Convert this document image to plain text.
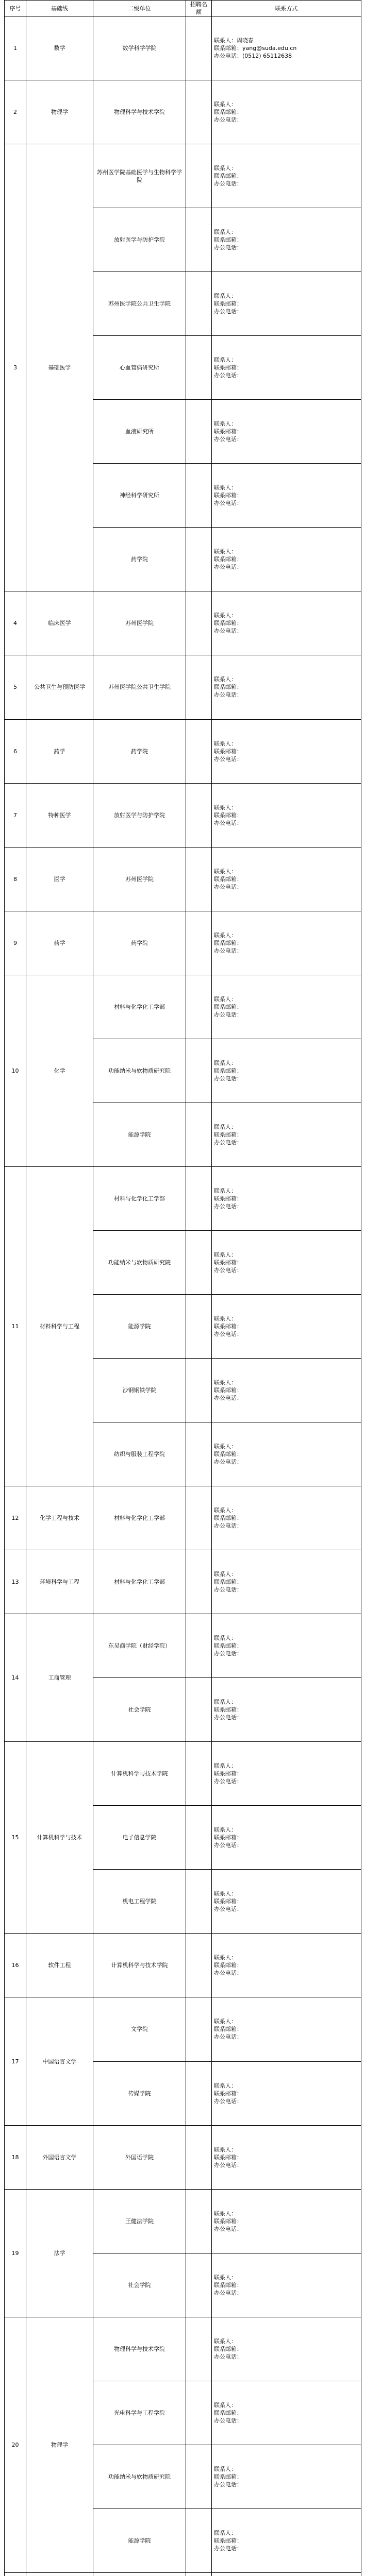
序号	基础线	二级单位	招聘名额	联系方式
1	数学	数学科学学院		联系人：周晓春
联系邮箱：yang@suda.edu.cn
办公电话：(0512) 65112638

2	物理学	物理科学与技术学院		联系人：
联系邮箱：
办公电话：

3	基础医学	苏州医学院基础医学与生物科学学院		联系人：
联系邮箱：
办公电话：

		放射医学与防护学院		联系人：
联系邮箱：
办公电话：

		苏州医学院公共卫生学院		联系人：
联系邮箱：
办公电话：

		心血管病研究所		联系人：
联系邮箱：
办公电话：

		血液研究所		联系人：
联系邮箱：
办公电话：

		神经科学研究所		联系人：
联系邮箱：
办公电话：

		药学院		联系人：
联系邮箱：
办公电话：

4	临床医学	苏州医学院		联系人：
联系邮箱：
办公电话：

5	公共卫生与预防医学	苏州医学院公共卫生学院		联系人：
联系邮箱：
办公电话：

6	药学	药学院		联系人：
联系邮箱：
办公电话：

7	特种医学	放射医学与防护学院		联系人：
联系邮箱：
办公电话：

8	医学	苏州医学院		联系人：
联系邮箱：
办公电话：

9	药学	药学院		联系人：
联系邮箱：
办公电话：

10	化学	材料与化学化工学部		联系人：
联系邮箱：
办公电话：

		功能纳米与软物质研究院		联系人：
联系邮箱：
办公电话：

		能源学院		联系人：
联系邮箱：
办公电话：

11	材料科学与工程	材料与化学化工学部		联系人：
联系邮箱：
办公电话：

		功能纳米与软物质研究院		联系人：
联系邮箱：
办公电话：

		能源学院		联系人：
联系邮箱：
办公电话：

		沙钢钢铁学院		联系人：
联系邮箱：
办公电话：

		纺织与服装工程学院		联系人：
联系邮箱：
办公电话：

12	化学工程与技术	材料与化学化工学部		联系人：
联系邮箱：
办公电话：

13	环境科学与工程	材料与化学化工学部		联系人：
联系邮箱：
办公电话：

14	工商管理	东吴商学院（财经学院）		联系人：
联系邮箱：
办公电话：

		社会学院		联系人：
联系邮箱：
办公电话：

15	计算机科学与技术	计算机科学与技术学院		联系人：
联系邮箱：
办公电话：

		电子信息学院		联系人：
联系邮箱：
办公电话：

		机电工程学院		联系人：
联系邮箱：
办公电话：

16	软件工程	计算机科学与技术学院		联系人：
联系邮箱：
办公电话：

17	中国语言文学	文学院		联系人：
联系邮箱：
办公电话：

		传媒学院		联系人：
联系邮箱：
办公电话：

18	外国语言文学	外国语学院		联系人：
联系邮箱：
办公电话：

19	法学	王健法学院		联系人：
联系邮箱：
办公电话：

		社会学院		联系人：
联系邮箱：
办公电话：

20	物理学	物理科学与技术学院		联系人：
联系邮箱：
办公电话：

		光电科学与工程学院		联系人：
联系邮箱：
办公电话：

		功能纳米与软物质研究院		联系人：
联系邮箱：
办公电话：

		能源学院		联系人：
联系邮箱：
办公电话：
